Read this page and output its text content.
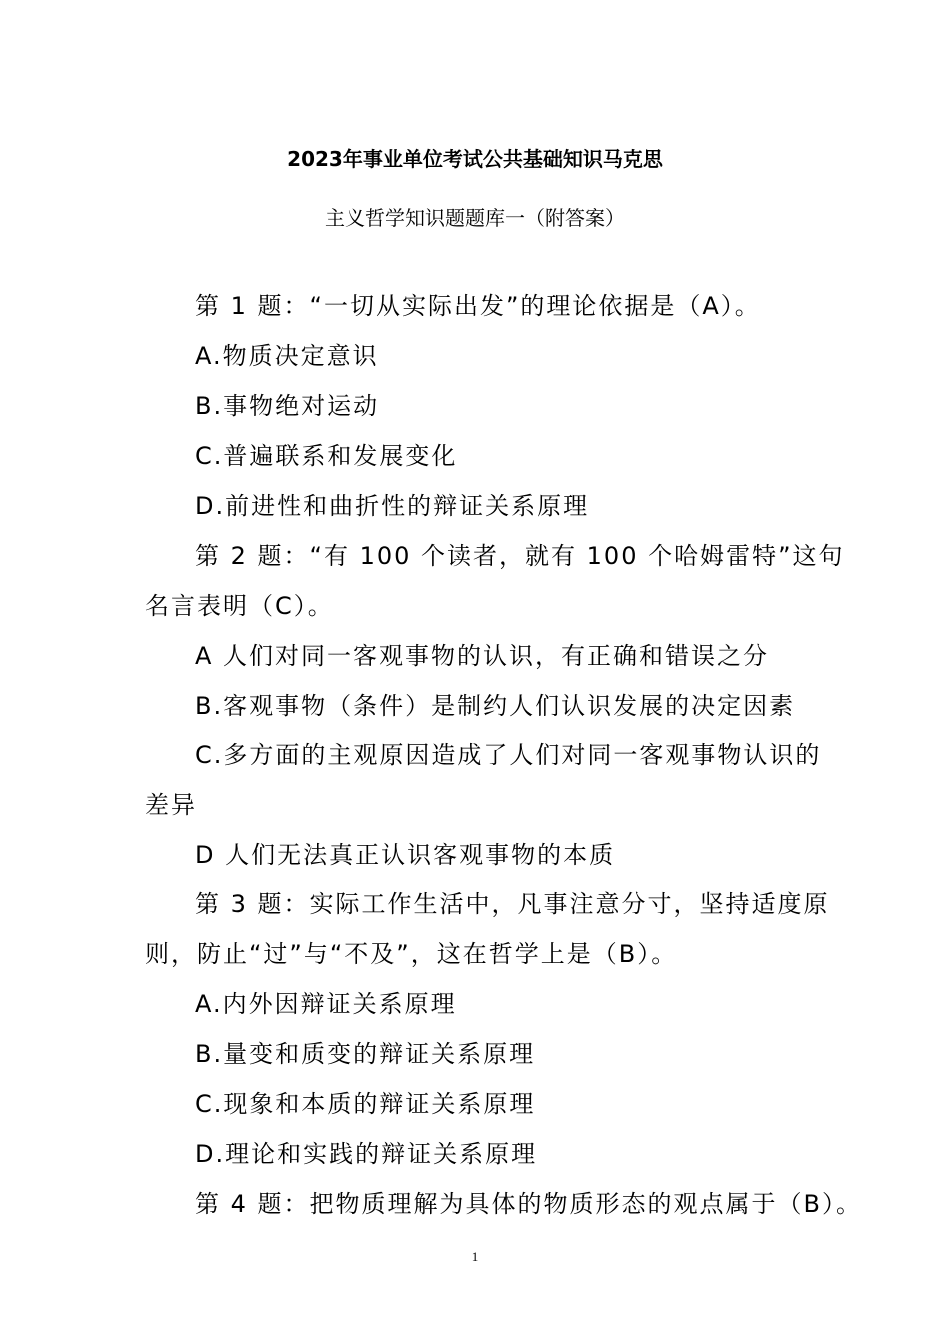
2023年事业单位考试公共基础知识马克思
主义哲学知识题题库一（附答案）
第 1 题：“一切从实际出发”的理论依据是（A）。
A.物质决定意识
B.事物绝对运动
C.普遍联系和发展变化
D.前进性和曲折性的辩证关系原理
第 2 题：“有 100 个读者，就有 100 个哈姆雷特”这句
名言表明（C）。
A 人们对同一客观事物的认识，有正确和错误之分
B.客观事物（条件）是制约人们认识发展的决定因素
C.多方面的主观原因造成了人们对同一客观事物认识的
差异
D 人们无法真正认识客观事物的本质
第 3 题：实际工作生活中，凡事注意分寸，坚持适度原
则，防止“过”与“不及”，这在哲学上是（B）。
A.内外因辩证关系原理
B.量变和质变的辩证关系原理
C.现象和本质的辩证关系原理
D.理论和实践的辩证关系原理
第 4 题：把物质理解为具体的物质形态的观点属于（B）。
1
